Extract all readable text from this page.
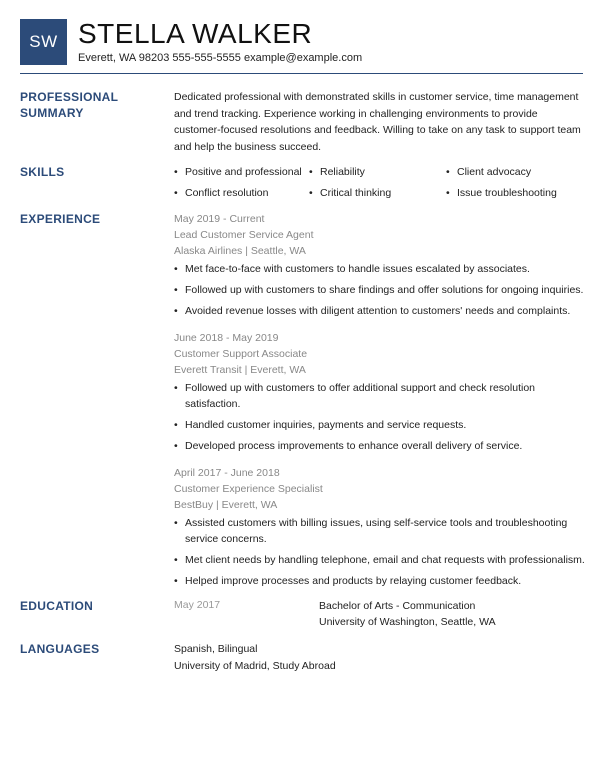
SW STELLA WALKER
Everett, WA 98203 555-555-5555 example@example.com
PROFESSIONAL
SUMMARY

Dedicated professional with demonstrated skills in customer service, time management and trend tracking. Experience working in challenging environments to provide customer-focused resolutions and feedback. Willing to take on any task to support team and help the business succeed.

SKILLS	• Positive and professional	• Reliability	• Client advocacy
• Conflict resolution	• Critical thinking	• Issue troubleshooting
EXPERIENCE	May 2019 - Current
Lead Customer Service Agent
Alaska Airlines | Seattle, WA
• Met face-to-face with customers to handle issues escalated by associates.
• Followed up with customers to share findings and offer solutions for ongoing inquiries.
• Avoided revenue losses with diligent attention to customers' needs and complaints.
June 2018 - May 2019
Customer Support Associate
Everett Transit | Everett, WA
• Followed up with customers to offer additional support and check resolution satisfaction.
• Handled customer inquiries, payments and service requests.
• Developed process improvements to enhance overall delivery of service.
April 2017 - June 2018
Customer Experience Specialist
BestBuy | Everett, WA
• Assisted customers with billing issues, using self-service tools and troubleshooting service concerns.
• Met client needs by handling telephone, email and chat requests with professionalism.
• Helped improve processes and products by relaying customer feedback.
EDUCATION	May 2017	Bachelor of Arts - Communication
University of Washington, Seattle, WA
LANGUAGES	Spanish, Bilingual
University of Madrid, Study Abroad
